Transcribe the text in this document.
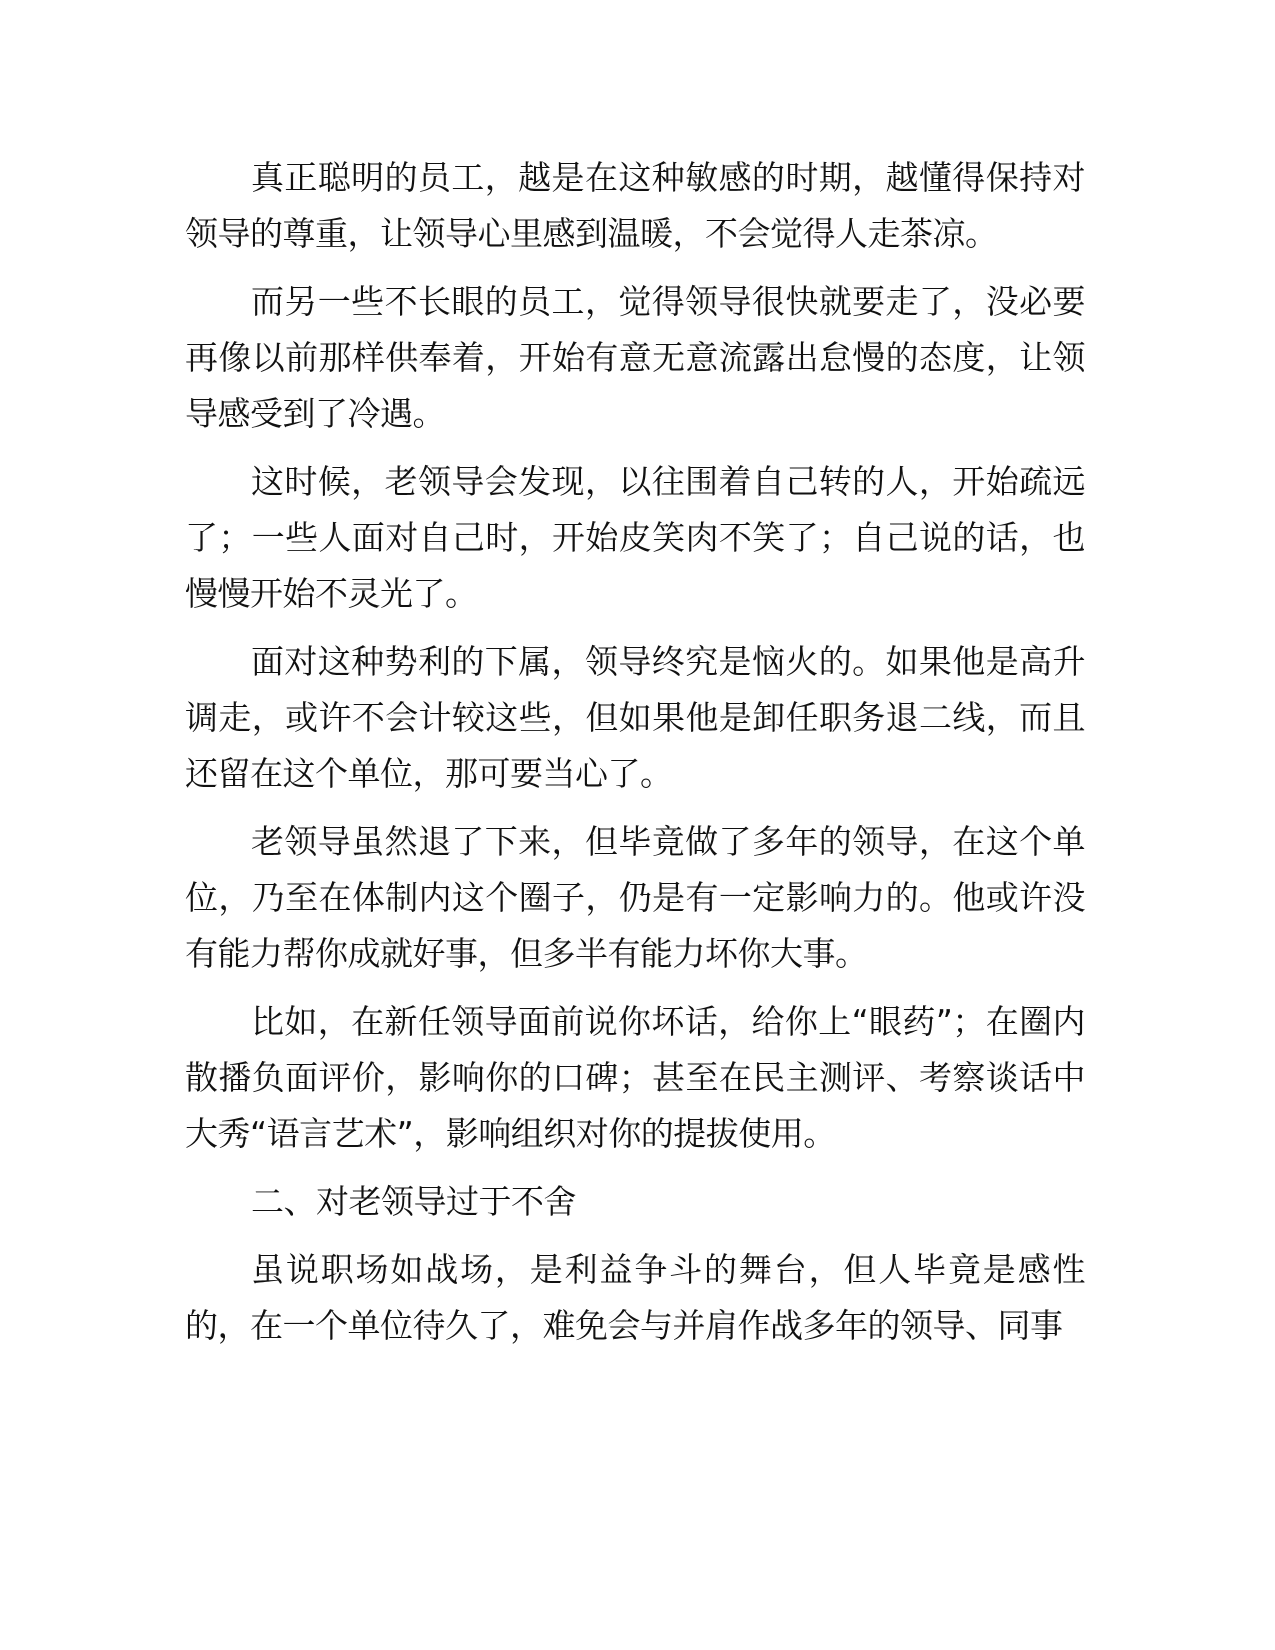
真正聪明的员工，越是在这种敏感的时期，越懂得保持对领导的尊重，让领导心里感到温暖，不会觉得人走茶凉。

而另一些不长眼的员工，觉得领导很快就要走了，没必要再像以前那样供奉着，开始有意无意流露出怠慢的态度，让领导感受到了冷遇。

这时候，老领导会发现，以往围着自己转的人，开始疏远了；一些人面对自己时，开始皮笑肉不笑了；自己说的话，也慢慢开始不灵光了。

面对这种势利的下属，领导终究是恼火的。如果他是高升调走，或许不会计较这些，但如果他是卸任职务退二线，而且还留在这个单位，那可要当心了。

老领导虽然退了下来，但毕竟做了多年的领导，在这个单位，乃至在体制内这个圈子，仍是有一定影响力的。他或许没有能力帮你成就好事，但多半有能力坏你大事。

比如，在新任领导面前说你坏话，给你上“眼药”；在圈内散播负面评价，影响你的口碑；甚至在民主测评、考察谈话中大秀“语言艺术”，影响组织对你的提拔使用。

二、对老领导过于不舍

虽说职场如战场，是利益争斗的舞台，但人毕竟是感性的，在一个单位待久了，难免会与并肩作战多年的领导、同事
